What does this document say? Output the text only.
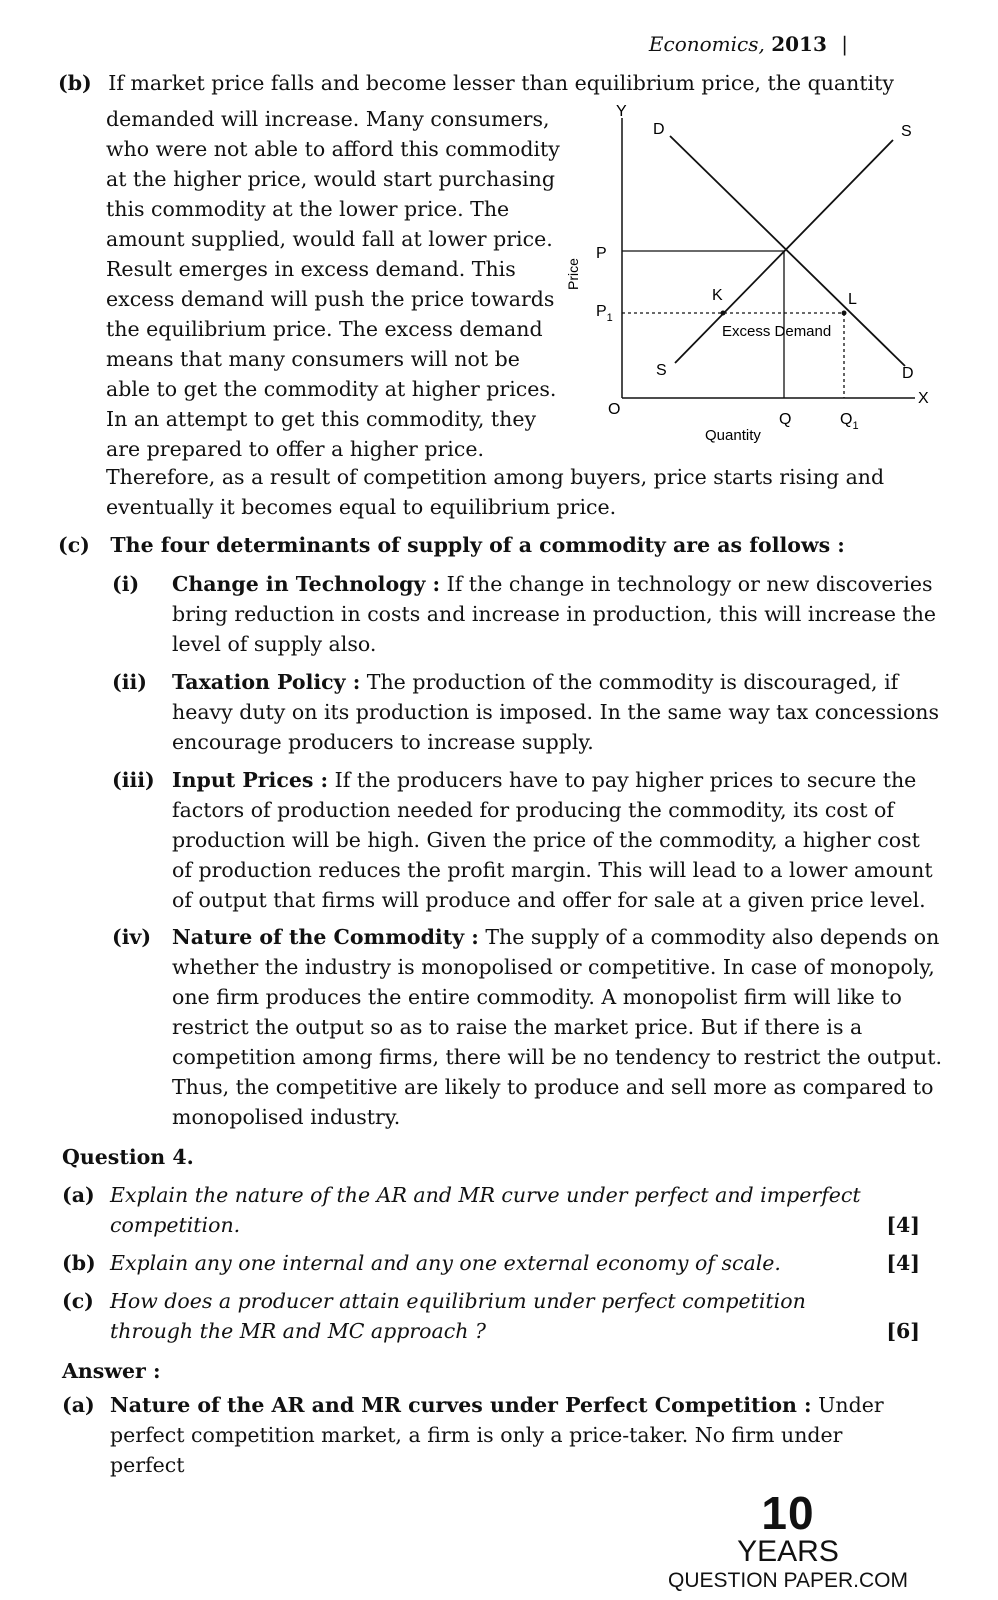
Economics, 2013 |
(b) If market price falls and become lesser than equilibrium price, the quantity
demanded will increase. Many consumers,
who were not able to afford this commodity
at the higher price, would start purchasing
this commodity at the lower price. The
amount supplied, would fall at lower price.
Result emerges in excess demand. This
excess demand will push the price towards
the equilibrium price. The excess demand
means that many consumers will not be
able to get the commodity at higher prices.
In an attempt to get this commodity, they
are prepared to offer a higher price.
Therefore, as a result of competition among buyers, price starts rising and eventually it becomes equal to equilibrium price.
Y
X
O
D
D
S
S
P
$P_1$
K	L
Q	$Q_1$
Excess Demand
Quantity
Price
(c) The four determinants of supply of a commodity are as follows :
(i) Change in Technology : If the change in technology or new discoveries bring reduction in costs and increase in production, this will increase the level of supply also.
(ii) Taxation Policy : The production of the commodity is discouraged, if heavy duty on its production is imposed. In the same way tax concessions encourage producers to increase supply.
(iii) Input Prices : If the producers have to pay higher prices to secure the factors of production needed for producing the commodity, its cost of production will be high. Given the price of the commodity, a higher cost of production reduces the profit margin. This will lead to a lower amount of output that firms will produce and offer for sale at a given price level.
(iv) Nature of the Commodity : The supply of a commodity also depends on whether the industry is monopolised or competitive. In case of monopoly, one firm produces the entire commodity. A monopolist firm will like to restrict the output so as to raise the market price. But if there is a competition among firms, there will be no tendency to restrict the output. Thus, the competitive are likely to produce and sell more as compared to monopolised industry.
Question 4.
(a) Explain the nature of the AR and MR curve under perfect and imperfect competition.	[4]
(b) Explain any one internal and any one external economy of scale.	[4]
(c) How does a producer attain equilibrium under perfect competition through the MR and MC approach ?	[6]
Answer :
(a) Nature of the AR and MR curves under Perfect Competition : Under perfect competition market, a firm is only a price-taker. No firm under perfect
10
YEARS
QUESTION PAPER.COM
